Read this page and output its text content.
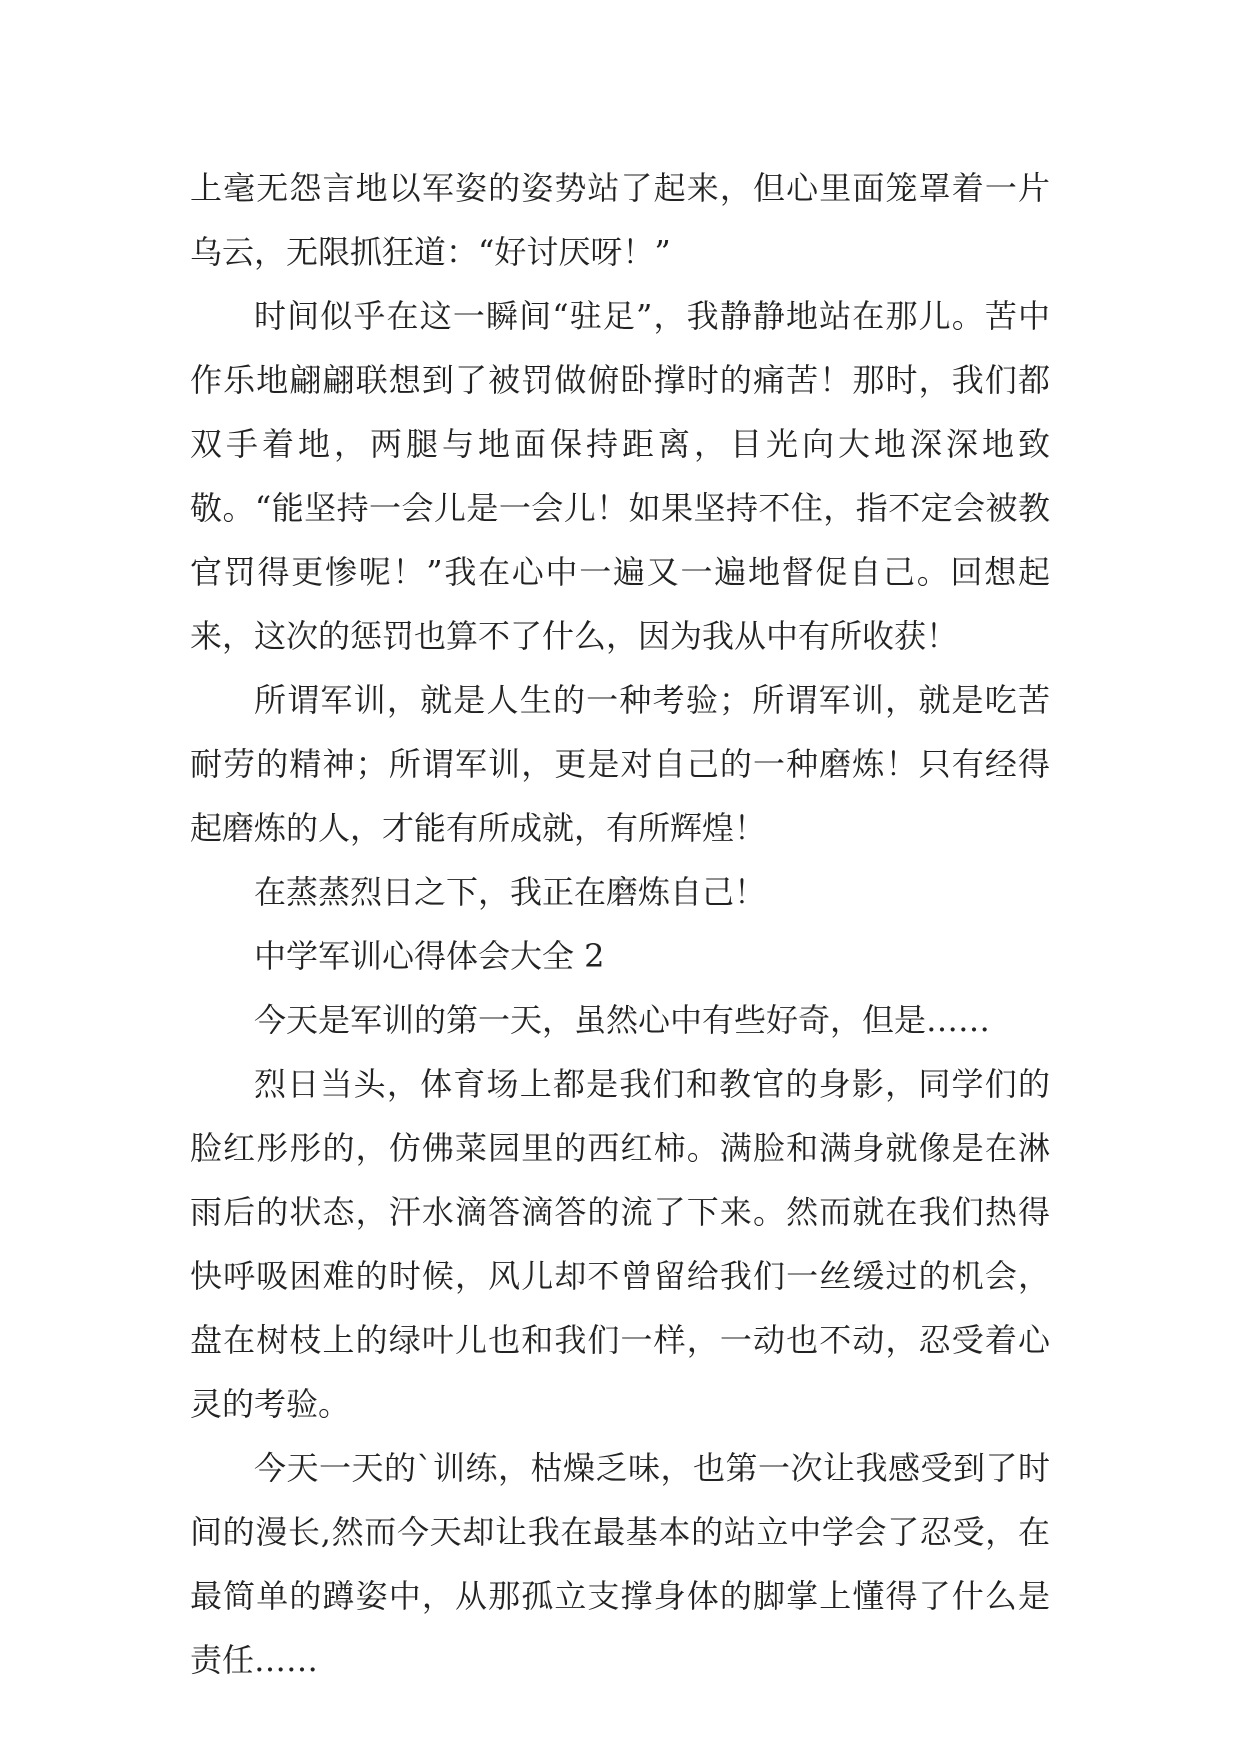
上毫无怨言地以军姿的姿势站了起来，但心里面笼罩着一片乌云，无限抓狂道：“好讨厌呀！”

时间似乎在这一瞬间“驻足”，我静静地站在那儿。苦中作乐地翩翩联想到了被罚做俯卧撑时的痛苦！那时，我们都双手着地，两腿与地面保持距离，目光向大地深深地致敬。“能坚持一会儿是一会儿！如果坚持不住，指不定会被教官罚得更惨呢！”我在心中一遍又一遍地督促自己。回想起来，这次的惩罚也算不了什么，因为我从中有所收获！

所谓军训，就是人生的一种考验；所谓军训，就是吃苦耐劳的精神；所谓军训，更是对自己的一种磨炼！只有经得起磨炼的人，才能有所成就，有所辉煌！

在蒸蒸烈日之下，我正在磨炼自己！

中学军训心得体会大全 2

今天是军训的第一天，虽然心中有些好奇，但是……

烈日当头，体育场上都是我们和教官的身影，同学们的脸红彤彤的，仿佛菜园里的西红柿。满脸和满身就像是在淋雨后的状态，汗水滴答滴答的流了下来。然而就在我们热得快呼吸困难的时候，风儿却不曾留给我们一丝缓过的机会，盘在树枝上的绿叶儿也和我们一样，一动也不动，忍受着心灵的考验。

今天一天的`训练，枯燥乏味，也第一次让我感受到了时间的漫长,然而今天却让我在最基本的站立中学会了忍受，在最简单的蹲姿中，从那孤立支撑身体的脚掌上懂得了什么是责任……
